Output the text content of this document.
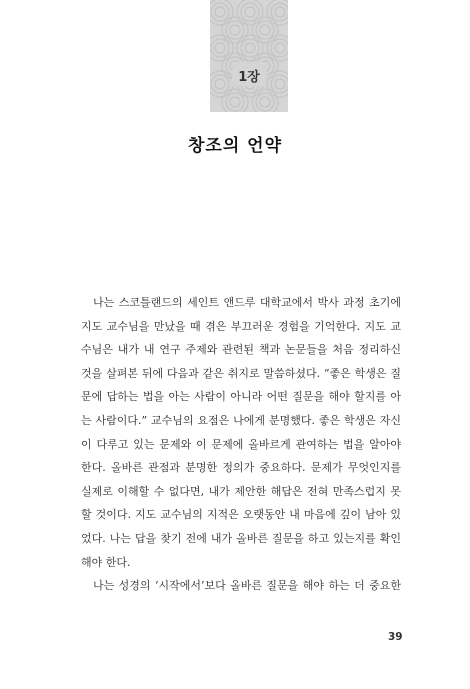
1장
창조의 언약
나는 스코틀랜드의 세인트 앤드루 대학교에서 박사 과정 초기에
지도 교수님을 만났을 때 겪은 부끄러운 경험을 기억한다. 지도 교
수님은 내가 내 연구 주제와 관련된 책과 논문들을 처음 정리하신
것을 살펴본 뒤에 다음과 같은 취지로 말씀하셨다. “좋은 학생은 질
문에 답하는 법을 아는 사람이 아니라 어떤 질문을 해야 할지를 아
는 사람이다.” 교수님의 요점은 나에게 분명했다. 좋은 학생은 자신
이 다루고 있는 문제와 이 문제에 올바르게 관여하는 법을 알아야
한다. 올바른 관점과 분명한 정의가 중요하다. 문제가 무엇인지를
실제로 이해할 수 없다면, 내가 제안한 해답은 전혀 만족스럽지 못
할 것이다. 지도 교수님의 지적은 오랫동안 내 마음에 깊이 남아 있
었다. 나는 답을 찾기 전에 내가 올바른 질문을 하고 있는지를 확인
해야 한다.
나는 성경의 ‘시작에서’보다 올바른 질문을 해야 하는 더 중요한
39
